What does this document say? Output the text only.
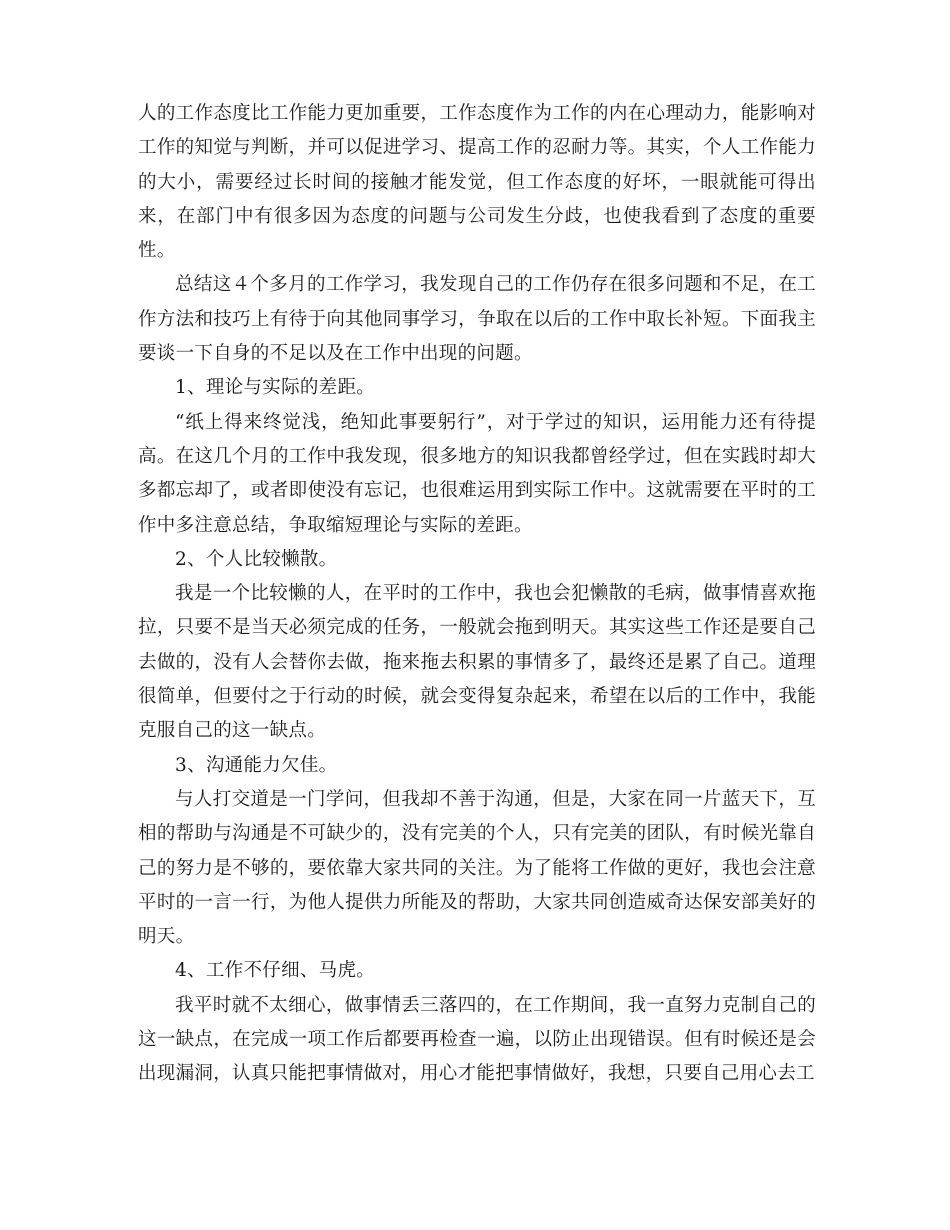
人的工作态度比工作能力更加重要，工作态度作为工作的内在心理动力，能影响对工作的知觉与判断，并可以促进学习、提高工作的忍耐力等。其实，个人工作能力的大小，需要经过长时间的接触才能发觉，但工作态度的好坏，一眼就能可得出来，在部门中有很多因为态度的问题与公司发生分歧，也使我看到了态度的重要性。

总结这４个多月的工作学习，我发现自己的工作仍存在很多问题和不足，在工作方法和技巧上有待于向其他同事学习，争取在以后的工作中取长补短。下面我主要谈一下自身的不足以及在工作中出现的问题。

1、理论与实际的差距。

“纸上得来终觉浅，绝知此事要躬行”，对于学过的知识，运用能力还有待提高。在这几个月的工作中我发现，很多地方的知识我都曾经学过，但在实践时却大多都忘却了，或者即使没有忘记，也很难运用到实际工作中。这就需要在平时的工作中多注意总结，争取缩短理论与实际的差距。

2、个人比较懒散。

我是一个比较懒的人，在平时的工作中，我也会犯懒散的毛病，做事情喜欢拖拉，只要不是当天必须完成的任务，一般就会拖到明天。其实这些工作还是要自己去做的，没有人会替你去做，拖来拖去积累的事情多了，最终还是累了自己。道理很简单，但要付之于行动的时候，就会变得复杂起来，希望在以后的工作中，我能克服自己的这一缺点。

3、沟通能力欠佳。

与人打交道是一门学问，但我却不善于沟通，但是，大家在同一片蓝天下，互相的帮助与沟通是不可缺少的，没有完美的个人，只有完美的团队，有时候光靠自己的努力是不够的，要依靠大家共同的关注。为了能将工作做的更好，我也会注意平时的一言一行，为他人提供力所能及的帮助，大家共同创造威奇达保安部美好的明天。

4、工作不仔细、马虎。

我平时就不太细心，做事情丢三落四的，在工作期间，我一直努力克制自己的这一缺点，在完成一项工作后都要再检查一遍，以防止出现错误。但有时候还是会出现漏洞，认真只能把事情做对，用心才能把事情做好，我想，只要自己用心去工
